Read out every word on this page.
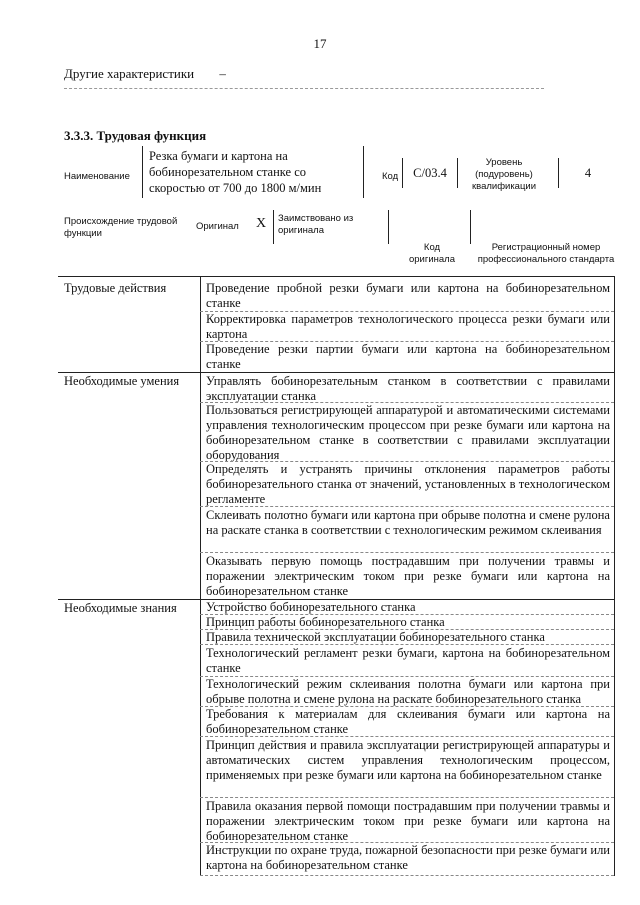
17
Другие характеристики –
3.3.3. Трудовая функция
Наименование
Резка бумаги и картона на бобинорезательном станке со скоростью от 700 до 1800 м/мин
Код	С/03.4
Уровень (подуровень) квалификации
4
Происхождение трудовой функции
Оригинал X Заимствовано из оригинала
Код оригинала
Регистрационный номер профессионального стандарта
Трудовые действия	Проведение пробной резки бумаги или картона на бобинорезательном станке
Корректировка параметров технологического процесса резки бумаги или картона
Проведение резки партии бумаги или картона на бобинорезательном станке
Необходимые умения Управлять бобинорезательным станком в соответствии с правилами эксплуатации станка
Пользоваться регистрирующей аппаратурой и автоматическими системами управления технологическим процессом при резке бумаги или картона на бобинорезательном станке в соответствии с правилами эксплуатации оборудования
Определять и устранять причины отклонения параметров работы бобинорезательного станка от значений, установленных в технологическом регламенте
Склеивать полотно бумаги или картона при обрыве полотна и смене рулона на раскате станка в соответствии с технологическим режимом склеивания
Оказывать первую помощь пострадавшим при получении травмы и поражении электрическим током при резке бумаги или картона на бобинорезательном станке
Необходимые знания Устройство бобинорезательного станка
Принцип работы бобинорезательного станка
Правила технической эксплуатации бобинорезательного станка
Технологический регламент резки бумаги, картона на бобинорезательном станке
Технологический режим склеивания полотна бумаги или картона при обрыве полотна и смене рулона на раскате бобинорезательного станка
Требования к материалам для склеивания бумаги или картона на бобинорезательном станке
Принцип действия и правила эксплуатации регистрирующей аппаратуры и автоматических систем управления технологическим процессом, применяемых при резке бумаги или картона на бобинорезательном станке
Правила оказания первой помощи пострадавшим при получении травмы и поражении электрическим током при резке бумаги или картона на бобинорезательном станке
Инструкции по охране труда, пожарной безопасности при резке бумаги или картона на бобинорезательном станке
